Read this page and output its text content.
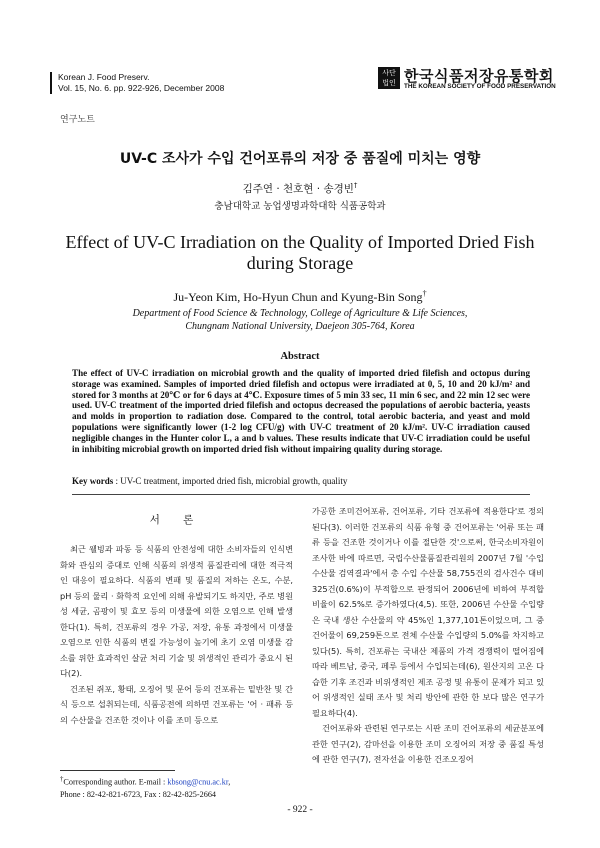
Korean J. Food Preserv.
Vol. 15, No. 6. pp. 922-926, December 2008
사단
법인 한국식품저장유통학회
THE KOREAN SOCIETY OF FOOD PRESERVATION
연구노트
UV-C 조사가 수입 건어포류의 저장 중 품질에 미치는 영향
김주연 · 천호현 · 송경빈†
충남대학교 농업생명과학대학 식품공학과
Effect of UV-C Irradiation on the Quality of Imported Dried Fish during Storage
Ju-Yeon Kim, Ho-Hyun Chun and Kyung-Bin Song†
Department of Food Science & Technology, College of Agriculture & Life Sciences,
Chungnam National University, Daejeon 305-764, Korea
Abstract
The effect of UV-C irradiation on microbial growth and the quality of imported dried filefish and octopus during storage was examined. Samples of imported dried filefish and octopus were irradiated at 0, 5, 10 and 20 kJ/m² and stored for 3 months at 20℃ or for 6 days at 4℃. Exposure times of 5 min 33 sec, 11 min 6 sec, and 22 min 12 sec were used. UV-C treatment of the imported dried filefish and octopus decreased the populations of aerobic bacteria, yeasts and molds in proportion to radiation dose. Compared to the control, total aerobic bacteria, and yeast and mold populations were significantly lower (1-2 log CFU/g) with UV-C treatment of 20 kJ/m². UV-C irradiation caused negligible changes in the Hunter color L, a and b values. These results indicate that UV-C irradiation could be useful in inhibiting microbial growth on imported dried fish without impairing quality during storage.
Key words : UV-C treatment, imported dried fish, microbial growth, quality
서 론

최근 웰빙과 파동 등 식품의 안전성에 대한 소비자들의 인식변화와 관심의 증대로 인해 식품의 위생적 품질관리에 대한 적극적인 대응이 필요하다. 식품의 변패 및 품질의 저하는 온도, 수분, pH 등의 물리 · 화학적 요인에 의해 유발되기도 하지만, 주로 병원성 세균, 곰팡이 및 효모 등의 미생물에 의한 오염으로 인해 발생한다(1). 특히, 건포류의 경우 가공, 저장, 유통 과정에서 미생물 오염으로 인한 식품의 변질 가능성이 높기에 초기 오염 미생물 감소를 위한 효과적인 살균 처리 기술 및 위생적인 관리가 중요시 된다(2).

건조된 쥐포, 황태, 오징어 및 문어 등의 건포류는 밑반찬 및 간식 등으로 섭취되는데, 식품공전에 의하면 건포류는 '어 · 패류 등의 수산물을 건조한 것이나 이를 조미 등으로

가공한 조미건어포류, 건어포류, 기타 건포류에 적용한다'로 정의된다(3). 이러한 건포류의 식품 유형 중 건어포류는 '어류 또는 패류 등을 건조한 것이거나 이를 절단한 것'으로써, 한국소비자원이 조사한 바에 따르면, 국립수산물품질관리원의 2007년 7월 '수입수산물 검역결과'에서 총 수입 수산물 58,755건의 검사건수 대비 325건(0.6%)이 부적합으로 판정되어 2006년에 비하여 부적합 비율이 62.5%로 증가하였다(4,5). 또한, 2006년 수산물 수입량은 국내 생산 수산물의 약 45%인 1,377,101톤이었으며, 그 중 건어물이 69,259톤으로 전체 수산물 수입량의 5.0%를 차지하고 있다(5). 특히, 건포류는 국내산 제품의 가격 경쟁력이 떨어짐에 따라 베트남, 중국, 페루 등에서 수입되는데(6), 원산지의 고온 다습한 기후 조건과 비위생적인 제조 공정 및 유통이 문제가 되고 있어 위생적인 실태 조사 및 처리 방안에 관한 한 보다 많은 연구가 필요하다(4).

건어포류와 관련된 연구로는 시판 조미 건어포류의 세균분포에 관한 연구(2), 감마선을 이용한 조미 오징어의 저장 중 품질 특성에 관한 연구(7), 전자선을 이용한 건조오징어

†Corresponding author. E-mail : kbsong@cnu.ac.kr,
Phone : 82-42-821-6723, Fax : 82-42-825-2664
- 922 -
